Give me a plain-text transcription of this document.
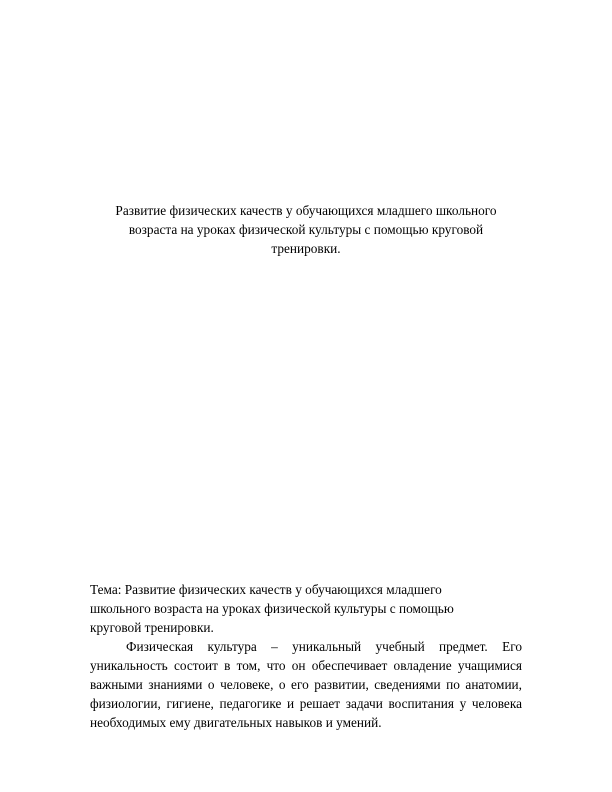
Развитие физических качеств у обучающихся младшего школьного
возраста на уроках физической культуры с помощью круговой
тренировки.
Тема: Развитие физических качеств у обучающихся младшего
школьного возраста на уроках физической культуры с помощью
круговой тренировки.

Физическая культура – уникальный учебный предмет. Его
уникальность состоит в том, что он обеспечивает овладение учащимися
важными знаниями о человеке, о его развитии, сведениями по анатомии,
физиологии, гигиене, педагогике и решает задачи воспитания у человека
необходимых ему двигательных навыков и умений.
